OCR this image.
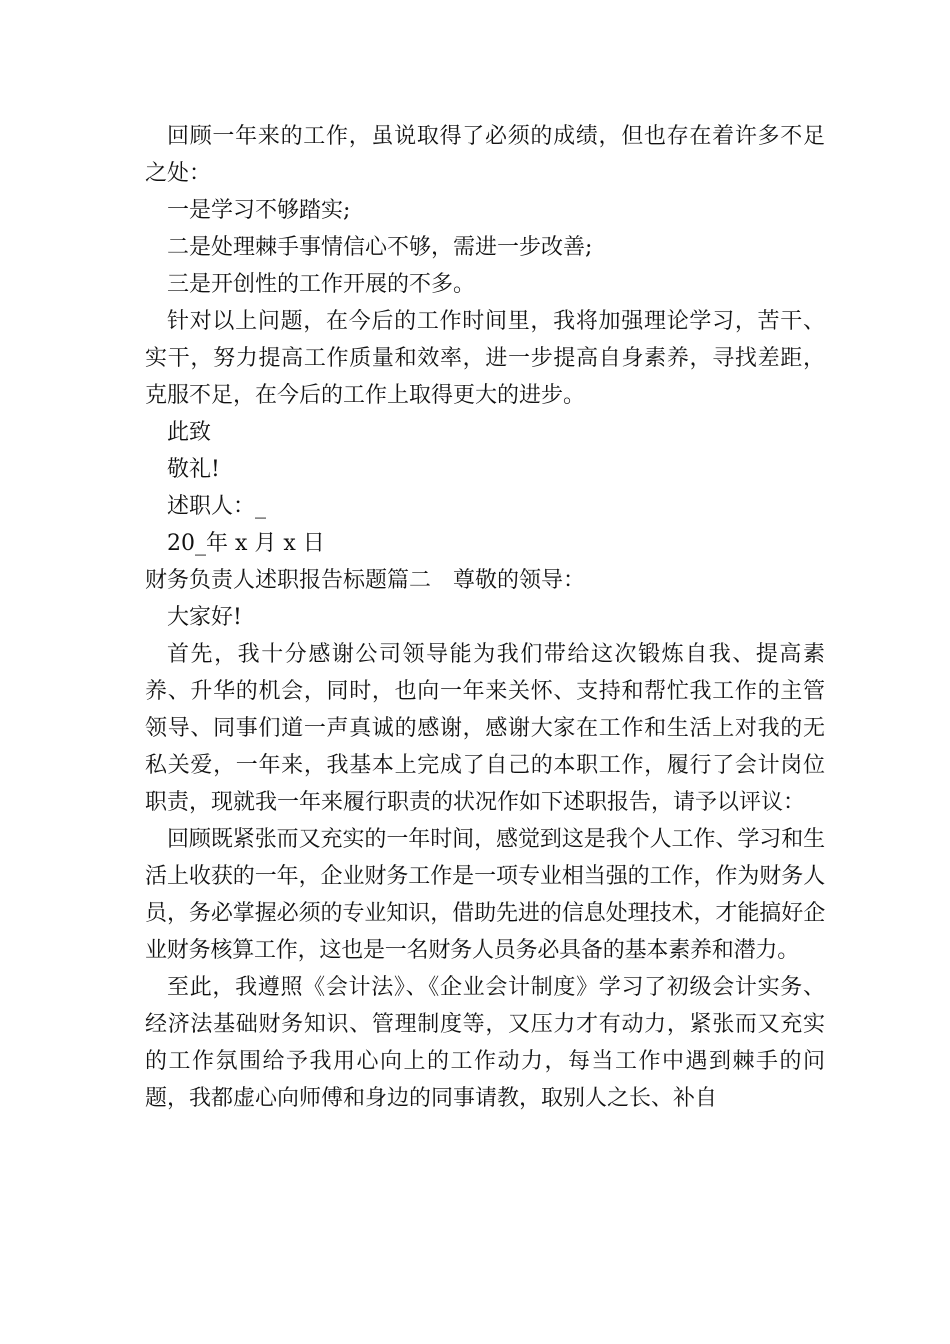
回顾一年来的工作，虽说取得了必须的成绩，但也存在着许多不足之处：

一是学习不够踏实;

二是处理棘手事情信心不够，需进一步改善;

三是开创性的工作开展的不多。

针对以上问题，在今后的工作时间里，我将加强理论学习，苦干、实干，努力提高工作质量和效率，进一步提高自身素养，寻找差距，克服不足，在今后的工作上取得更大的进步。

此致

敬礼!

述职人：_

20_年 x 月 x 日

财务负责人述职报告标题篇二　尊敬的领导：

大家好!

首先，我十分感谢公司领导能为我们带给这次锻炼自我、提高素养、升华的机会，同时，也向一年来关怀、支持和帮忙我工作的主管领导、同事们道一声真诚的感谢，感谢大家在工作和生活上对我的无私关爱，一年来，我基本上完成了自己的本职工作，履行了会计岗位职责，现就我一年来履行职责的状况作如下述职报告，请予以评议：

回顾既紧张而又充实的一年时间，感觉到这是我个人工作、学习和生活上收获的一年，企业财务工作是一项专业相当强的工作，作为财务人员，务必掌握必须的专业知识，借助先进的信息处理技术，才能搞好企业财务核算工作，这也是一名财务人员务必具备的基本素养和潜力。

至此，我遵照《会计法》、《企业会计制度》学习了初级会计实务、经济法基础财务知识、管理制度等，又压力才有动力，紧张而又充实的工作氛围给予我用心向上的工作动力，每当工作中遇到棘手的问题，我都虚心向师傅和身边的同事请教，取别人之长、补自
